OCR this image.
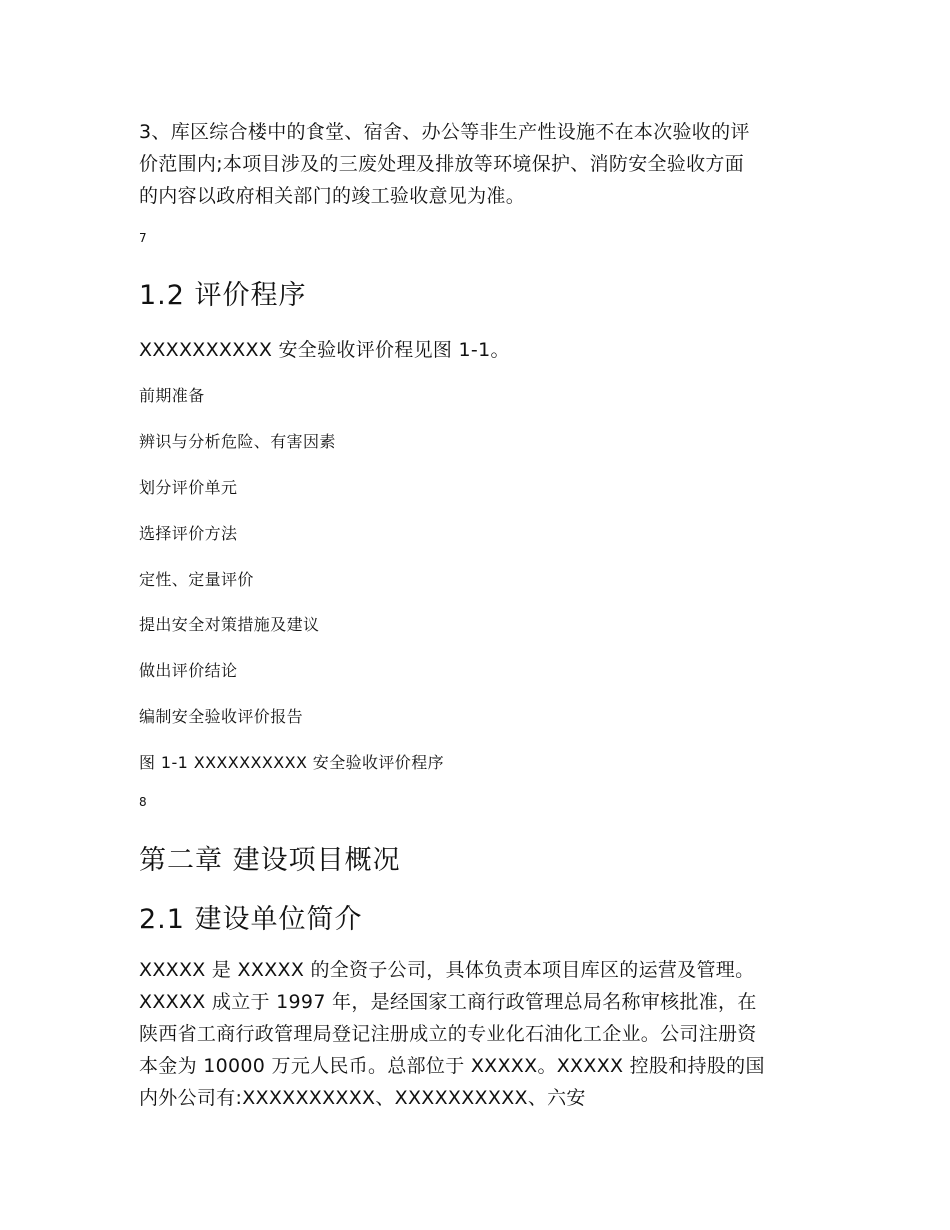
3、库区综合楼中的食堂、宿舍、办公等非生产性设施不在本次验收的评
价范围内;本项目涉及的三废处理及排放等环境保护、消防安全验收方面
的内容以政府相关部门的竣工验收意见为准。
7
1.2 评价程序
XXXXXXXXXX 安全验收评价程见图 1-1。
前期准备
辨识与分析危险、有害因素
划分评价单元
选择评价方法
定性、定量评价
提出安全对策措施及建议
做出评价结论
编制安全验收评价报告
图 1-1 XXXXXXXXXX 安全验收评价程序
8
第二章 建设项目概况
2.1 建设单位简介
XXXXX 是 XXXXX 的全资子公司，具体负责本项目库区的运营及管理。
XXXXX 成立于 1997 年，是经国家工商行政管理总局名称审核批准，在
陕西省工商行政管理局登记注册成立的专业化石油化工企业。公司注册资
本金为 10000 万元人民币。总部位于 XXXXX。XXXXX 控股和持股的国
内外公司有:XXXXXXXXXX、XXXXXXXXXX、六安
